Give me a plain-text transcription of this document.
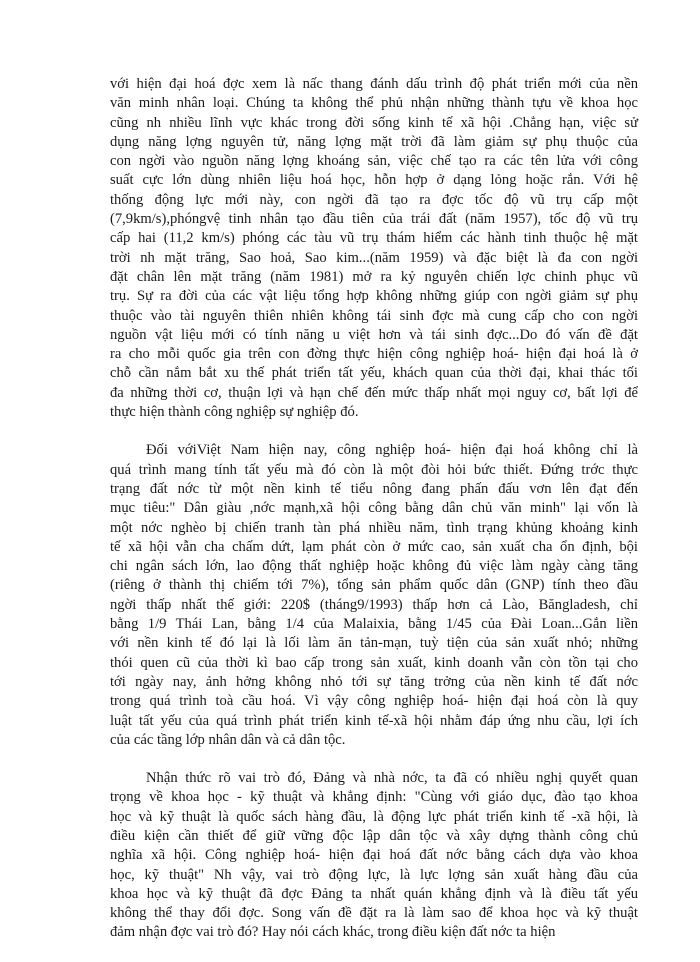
với hiện đại hoá đợc xem là nấc thang đánh dấu trình độ phát triển mới của nền
văn minh nhân loại. Chúng ta không thể phủ nhận những thành tựu về khoa học
cũng nh nhiều lĩnh vực khác trong đời sống kinh tế xã hội .Chẳng hạn, việc sử
dụng năng lợng nguyên tử, năng lợng mặt trời đã làm giảm sự phụ thuộc của
con ngời vào nguồn năng lợng khoáng sản, việc chế tạo ra các tên lửa với công
suất cực lớn dùng nhiên liệu hoá học, hỗn hợp ở dạng lỏng hoặc rắn. Với hệ
thống động lực mới này, con ngời đã tạo ra đợc tốc độ vũ trụ cấp một
(7,9km/s),phóngvệ tinh nhân tạo đầu tiên của trái đất (năm 1957), tốc độ vũ trụ
cấp hai (11,2 km/s) phóng các tàu vũ trụ thám hiểm các hành tinh thuộc hệ mặt
trời nh mặt trăng, Sao hoả, Sao kim...(năm 1959) và đặc biệt là đa con ngời
đặt chân lên mặt trăng (năm 1981) mở ra kỷ nguyên chiến lợc chinh phục vũ
trụ. Sự ra đời của các vật liệu tổng hợp không những giúp con ngời giảm sự phụ
thuộc vào tài nguyên thiên nhiên không tái sinh đợc mà cung cấp cho con ngời
nguồn vật liệu mới có tính năng u việt hơn và tái sinh đợc...Do đó vấn đề đặt
ra cho mỗi quốc gia trên con đờng thực hiện công nghiệp hoá- hiện đại hoá là ở
chỗ cần nắm bắt xu thế phát triển tất yếu, khách quan của thời đại, khai thác tối
đa những thời cơ, thuận lợi và hạn chế đến mức thấp nhất mọi nguy cơ, bất lợi để
thực hiện thành công nghiệp sự nghiệp đó.
Đối vớiViệt Nam hiện nay, công nghiệp hoá- hiện đại hoá không chỉ là
quá trình mang tính tất yếu mà đó còn là một đòi hỏi bức thiết. Đứng trớc thực
trạng đất nớc từ một nền kinh tế tiểu nông đang phấn đấu vơn lên đạt đến
mục tiêu:" Dân giàu ,nớc mạnh,xã hội công bằng dân chủ văn minh" lại vốn là
một nớc nghèo bị chiến tranh tàn phá nhiều năm, tình trạng khủng khoảng kinh
tế xã hội vẫn cha chấm dứt, lạm phát còn ở mức cao, sản xuất cha ổn định, bội
chi ngân sách lớn, lao động thất nghiệp hoặc không đủ việc làm ngày càng tăng
(riêng ở thành thị chiếm tới 7%), tổng sản phẩm quốc dân (GNP) tính theo đầu
ngời thấp nhất thế giới: 220$ (tháng9/1993) thấp hơn cả Lào, Băngladesh, chỉ
bằng 1/9 Thái Lan, bằng 1/4 của Malaixia, bằng 1/45 của Đài Loan...Gắn liền
với nền kinh tế đó lại là lối làm ăn tản-mạn, tuỳ tiện của sản xuất nhỏ; những
thói quen cũ của thời kì bao cấp trong sản xuất, kinh doanh vẫn còn tồn tại cho
tới ngày nay, ảnh hởng không nhỏ tới sự tăng trởng của nền kinh tế đất nớc
trong quá trình toà cầu hoá. Vì vậy công nghiệp hoá- hiện đại hoá còn là quy
luật tất yếu của quá trình phát triển kinh tế-xã hội nhằm đáp ứng nhu cầu, lợi ích
của các tầng lớp nhân dân và cả dân tộc.
Nhận thức rõ vai trò đó, Đảng và nhà nớc, ta đã có nhiều nghị quyết quan
trọng về khoa học - kỹ thuật và khẳng định: "Cùng với giáo dục, đào tạo khoa
học và kỹ thuật là quốc sách hàng đầu, là động lực phát triển kinh tế -xã hội, là
điều kiện cần thiết để giữ vững độc lập dân tộc và xây dựng thành công chủ
nghĩa xã hội. Công nghiệp hoá- hiện đại hoá đất nớc bằng cách dựa vào khoa
học, kỹ thuật" Nh vậy, vai trò động lực, là lực lợng sản xuất hàng đầu của
khoa học và kỹ thuật đã đợc Đảng ta nhất quán khẳng định và là điều tất yếu
không thể thay đổi đợc. Song vấn đề đặt ra là làm sao để khoa học và kỹ thuật
đảm nhận đợc vai trò đó? Hay nói cách khác, trong điều kiện đất nớc ta hiện
